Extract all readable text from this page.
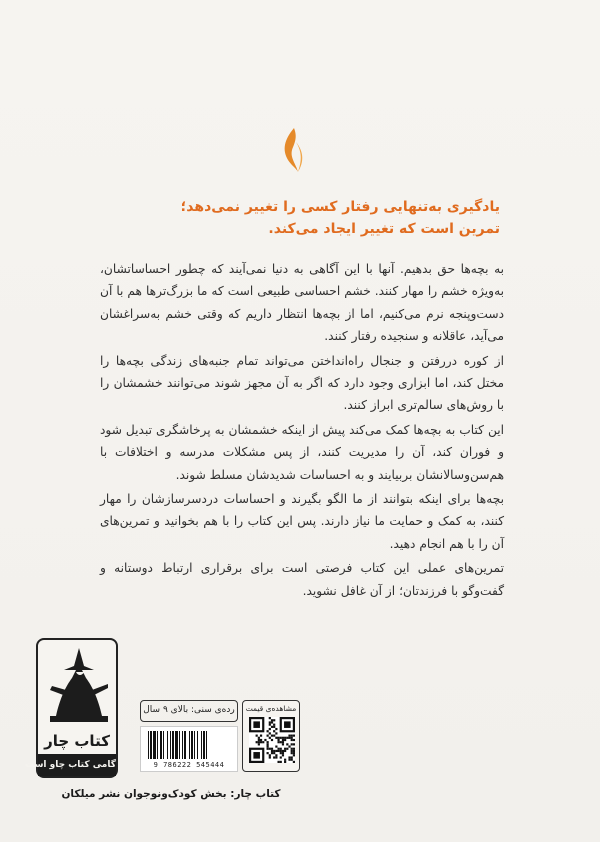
یادگیری به‌تنهایی رفتار کسی را تغییر نمی‌دهد؛
تمرین است که تغییر ایجاد می‌کند.

به بچه‌ها حق بدهیم. آنها با این آگاهی به دنیا نمی‌آیند که چطور احساساتشان، به‌ویژه خشم را مهار کنند. خشم احساسی طبیعی است که ما بزرگ‌ترها هم با آن دست‌وپنجه نرم می‌کنیم، اما از بچه‌ها انتظار داریم که وقتی خشم به‌سراغشان می‌آید، عاقلانه و سنجیده رفتار کنند.

از کوره دررفتن و جنجال راه‌انداختن می‌تواند تمام جنبه‌های زندگی بچه‌ها را مختل کند، اما ابزاری وجود دارد که اگر به آن مجهز شوند می‌توانند خشمشان را با روش‌های سالم‌تری ابراز کنند.

این کتاب به بچه‌ها کمک می‌کند پیش از اینکه خشمشان به پرخاشگری تبدیل شود و فوران کند، آن را مدیریت کنند، از پس مشکلات مدرسه و اختلافات با هم‌سن‌وسالانشان بربیایند و به احساسات شدیدشان مسلط شوند.

بچه‌ها برای اینکه بتوانند از ما الگو بگیرند و احساسات دردسرسازشان را مهار کنند، به کمک و حمایت ما نیاز دارند. پس این کتاب را با هم بخوانید و تمرین‌های آن را با هم انجام دهید.

تمرین‌های عملی این کتاب فرصتی است برای برقراری ارتباط دوستانه و گفت‌وگو با فرزندتان؛ از آن غافل نشوید.

کتاب چار
گامی کتاب چاو است
رده‌ی سنی: بالای ۹ سال
9 786222 545444
مشاهده‌ی قیمت
کتاب چار: بخش کودک‌ونوجوان نشر میلکان
